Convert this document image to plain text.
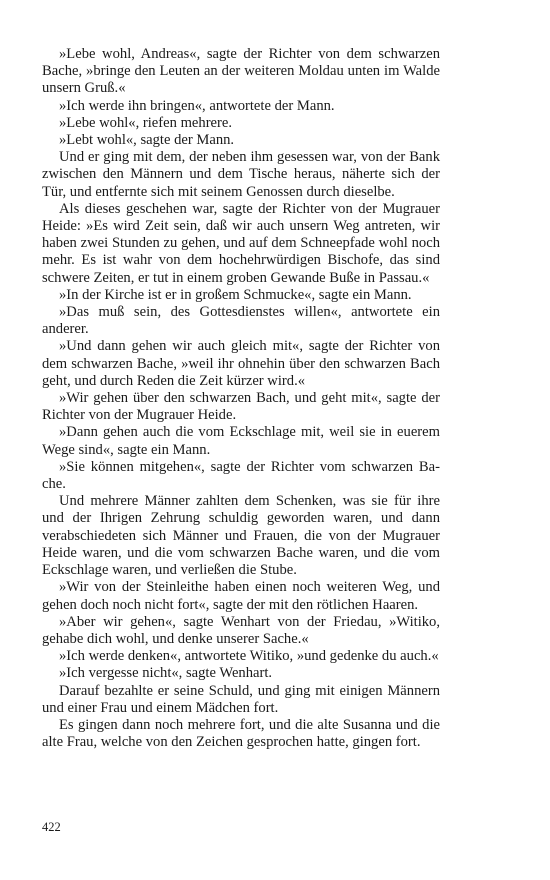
»Lebe wohl, Andreas«, sagte der Richter von dem schwarzen Bache, »bringe den Leuten an der weiteren Moldau unten im Walde unsern Gruß.«

»Ich werde ihn bringen«, antwortete der Mann.

»Lebe wohl«, riefen mehrere.

»Lebt wohl«, sagte der Mann.

Und er ging mit dem, der neben ihm gesessen war, von der Bank zwischen den Männern und dem Tische heraus, näherte sich der Tür, und entfernte sich mit seinem Genossen durch dieselbe.

Als dieses geschehen war, sagte der Richter von der Mugrauer Heide: »Es wird Zeit sein, daß wir auch unsern Weg antreten, wir haben zwei Stunden zu gehen, und auf dem Schneepfade wohl noch mehr. Es ist wahr von dem hochehrwürdigen Bischofe, das sind schwere Zeiten, er tut in einem groben Gewande Buße in Passau.«

»In der Kirche ist er in großem Schmucke«, sagte ein Mann.

»Das muß sein, des Gottesdienstes willen«, antwortete ein anderer.

»Und dann gehen wir auch gleich mit«, sagte der Richter von dem schwarzen Bache, »weil ihr ohnehin über den schwarzen Bach geht, und durch Reden die Zeit kürzer wird.«

»Wir gehen über den schwarzen Bach, und geht mit«, sagte der Richter von der Mugrauer Heide.

»Dann gehen auch die vom Eckschlage mit, weil sie in euerem Wege sind«, sagte ein Mann.

»Sie können mitgehen«, sagte der Richter vom schwarzen Bache.

Und mehrere Männer zahlten dem Schenken, was sie für ihre und der Ihrigen Zehrung schuldig geworden waren, und dann verabschiedeten sich Männer und Frauen, die von der Mugrauer Heide waren, und die vom schwarzen Bache waren, und die vom Eckschlage waren, und verließen die Stube.

»Wir von der Steinleithe haben einen noch weiteren Weg, und gehen doch noch nicht fort«, sagte der mit den rötlichen Haaren.

»Aber wir gehen«, sagte Wenhart von der Friedau, »Witiko, gehabe dich wohl, und denke unserer Sache.«

»Ich werde denken«, antwortete Witiko, »und gedenke du auch.«

»Ich vergesse nicht«, sagte Wenhart.

Darauf bezahlte er seine Schuld, und ging mit einigen Männern und einer Frau und einem Mädchen fort.

Es gingen dann noch mehrere fort, und die alte Susanna und die alte Frau, welche von den Zeichen gesprochen hatte, gingen fort.

422
